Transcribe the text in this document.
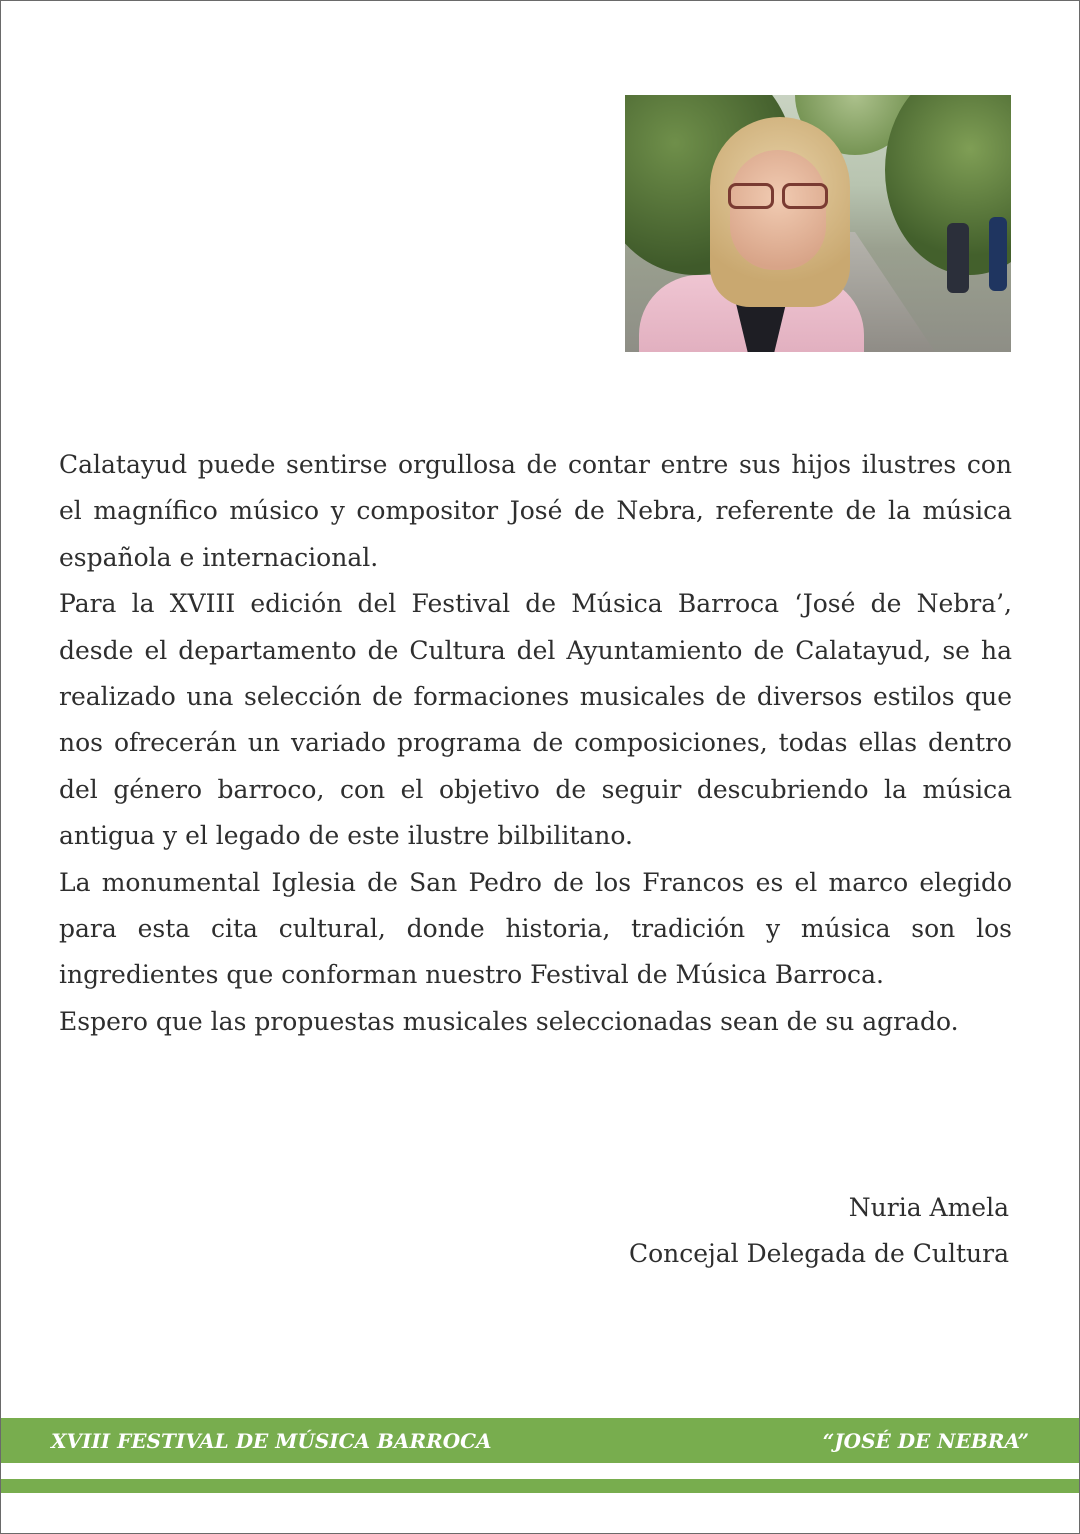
Calatayud puede sentirse orgullosa de contar entre sus hijos ilustres con el magnífico músico y compositor José de Nebra, referente de la música española e internacional.

Para la XVIII edición del Festival de Música Barroca ‘José de Nebra’, desde el departamento de Cultura del Ayuntamiento de Calatayud, se ha realizado una selección de formaciones musicales de diversos estilos que nos ofrecerán un variado programa de composiciones, todas ellas dentro del género barroco, con el objetivo de seguir descubriendo la música antigua y el legado de este ilustre bilbilitano.

La monumental Iglesia de San Pedro de los Francos es el marco elegido para esta cita cultural, donde historia, tradición y música son los ingredientes que conforman nuestro Festival de Música Barroca.

Espero que las propuestas musicales seleccionadas sean de su agrado.

Nuria Amela
Concejal Delegada de Cultura
XVIII FESTIVAL DE MÚSICA BARROCA	“JOSÉ DE NEBRA”
